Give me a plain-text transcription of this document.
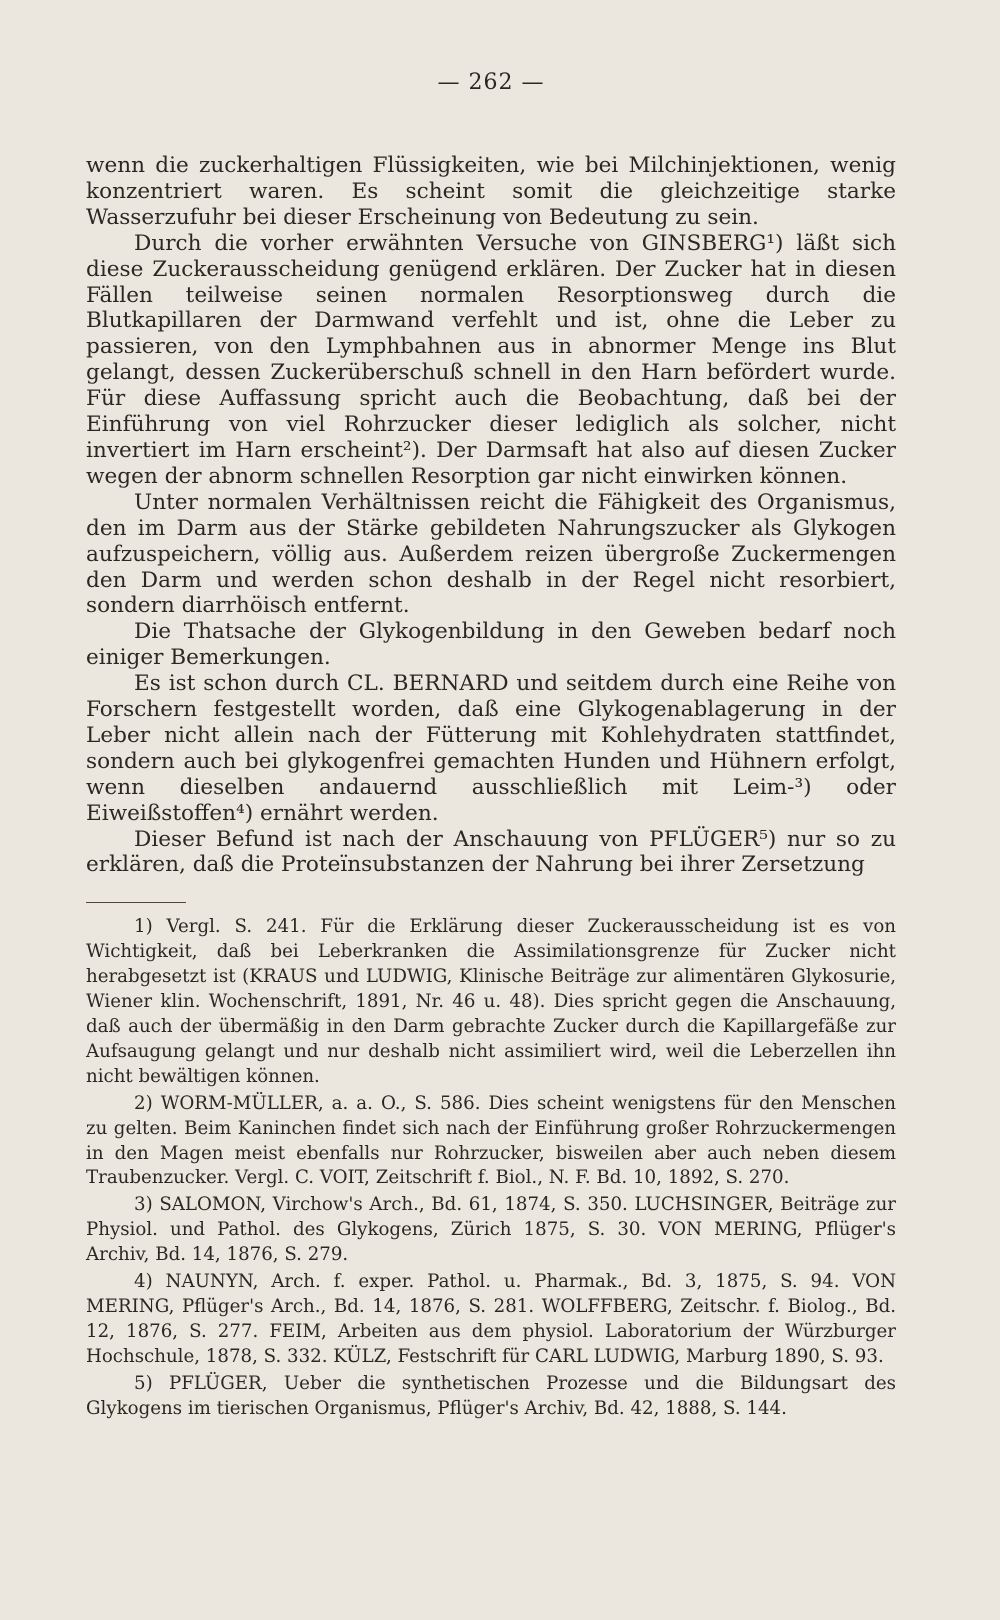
— 262 —

wenn die zuckerhaltigen Flüssigkeiten, wie bei Milchinjektionen, wenig konzentriert waren. Es scheint somit die gleichzeitige starke Wasserzufuhr bei dieser Erscheinung von Bedeutung zu sein.

Durch die vorher erwähnten Versuche von GINSBERG¹) läßt sich diese Zuckerausscheidung genügend erklären. Der Zucker hat in diesen Fällen teilweise seinen normalen Resorptionsweg durch die Blutkapillaren der Darmwand verfehlt und ist, ohne die Leber zu passieren, von den Lymphbahnen aus in abnormer Menge ins Blut gelangt, dessen Zuckerüberschuß schnell in den Harn befördert wurde. Für diese Auffassung spricht auch die Beobachtung, daß bei der Einführung von viel Rohrzucker dieser lediglich als solcher, nicht invertiert im Harn erscheint²). Der Darmsaft hat also auf diesen Zucker wegen der abnorm schnellen Resorption gar nicht einwirken können.

Unter normalen Verhältnissen reicht die Fähigkeit des Organismus, den im Darm aus der Stärke gebildeten Nahrungszucker als Glykogen aufzuspeichern, völlig aus. Außerdem reizen übergroße Zuckermengen den Darm und werden schon deshalb in der Regel nicht resorbiert, sondern diarrhöisch entfernt.

Die Thatsache der Glykogenbildung in den Geweben bedarf noch einiger Bemerkungen.

Es ist schon durch CL. BERNARD und seitdem durch eine Reihe von Forschern festgestellt worden, daß eine Glykogenablagerung in der Leber nicht allein nach der Fütterung mit Kohlehydraten stattfindet, sondern auch bei glykogenfrei gemachten Hunden und Hühnern erfolgt, wenn dieselben andauernd ausschließlich mit Leim-³) oder Eiweißstoffen⁴) ernährt werden.

Dieser Befund ist nach der Anschauung von PFLÜGER⁵) nur so zu erklären, daß die Proteïnsubstanzen der Nahrung bei ihrer Zersetzung

1) Vergl. S. 241. Für die Erklärung dieser Zuckerausscheidung ist es von Wichtigkeit, daß bei Leberkranken die Assimilationsgrenze für Zucker nicht herabgesetzt ist (KRAUS und LUDWIG, Klinische Beiträge zur alimentären Glykosurie, Wiener klin. Wochenschrift, 1891, Nr. 46 u. 48). Dies spricht gegen die Anschauung, daß auch der übermäßig in den Darm gebrachte Zucker durch die Kapillargefäße zur Aufsaugung gelangt und nur deshalb nicht assimiliert wird, weil die Leberzellen ihn nicht bewältigen können.

2) WORM-MÜLLER, a. a. O., S. 586. Dies scheint wenigstens für den Menschen zu gelten. Beim Kaninchen findet sich nach der Einführung großer Rohrzuckermengen in den Magen meist ebenfalls nur Rohrzucker, bisweilen aber auch neben diesem Traubenzucker. Vergl. C. VOIT, Zeitschrift f. Biol., N. F. Bd. 10, 1892, S. 270.

3) SALOMON, Virchow's Arch., Bd. 61, 1874, S. 350. LUCHSINGER, Beiträge zur Physiol. und Pathol. des Glykogens, Zürich 1875, S. 30. VON MERING, Pflüger's Archiv, Bd. 14, 1876, S. 279.

4) NAUNYN, Arch. f. exper. Pathol. u. Pharmak., Bd. 3, 1875, S. 94. VON MERING, Pflüger's Arch., Bd. 14, 1876, S. 281. WOLFFBERG, Zeitschr. f. Biolog., Bd. 12, 1876, S. 277. FEIM, Arbeiten aus dem physiol. Laboratorium der Würzburger Hochschule, 1878, S. 332. KÜLZ, Festschrift für CARL LUDWIG, Marburg 1890, S. 93.

5) PFLÜGER, Ueber die synthetischen Prozesse und die Bildungsart des Glykogens im tierischen Organismus, Pflüger's Archiv, Bd. 42, 1888, S. 144.
